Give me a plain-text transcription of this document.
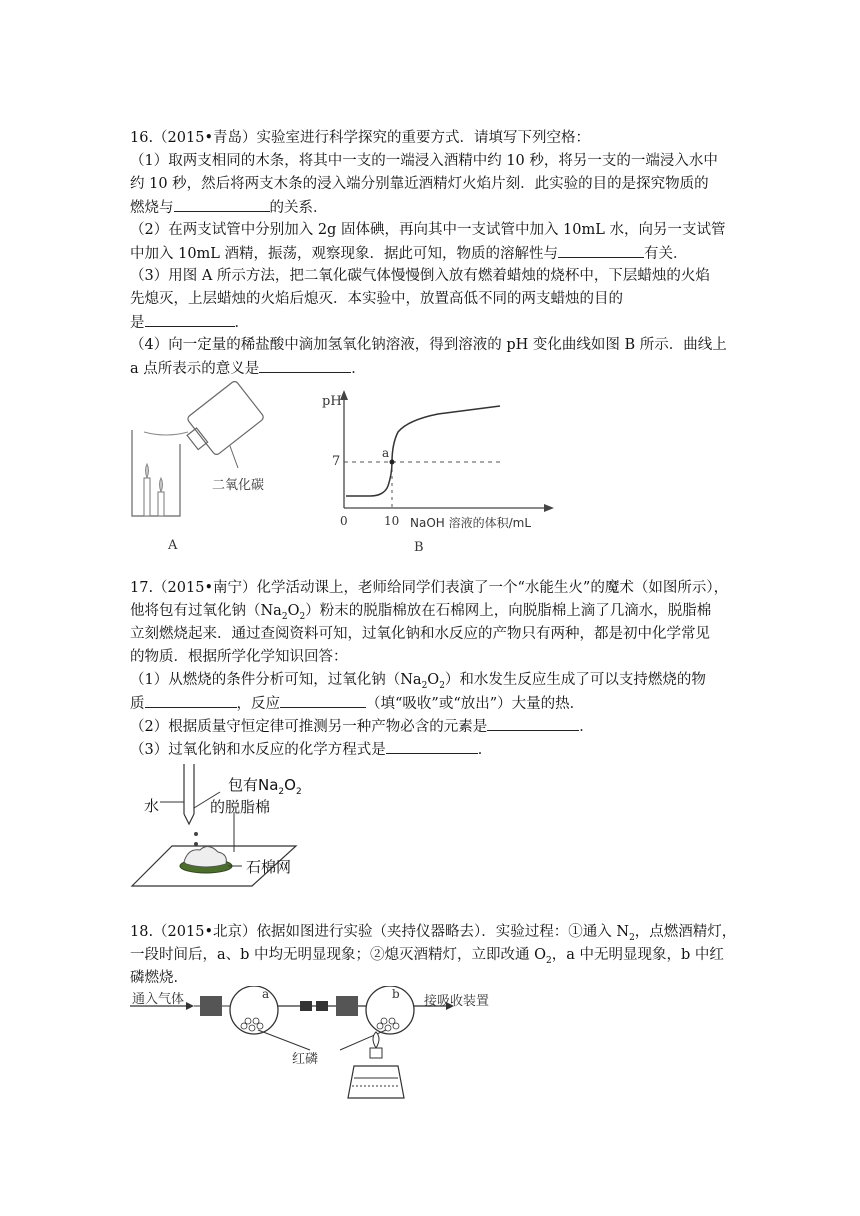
16.（2015•青岛）实验室进行科学探究的重要方式．请填写下列空格：
（1）取两支相同的木条，将其中一支的一端浸入酒精中约 10 秒，将另一支的一端浸入水中
约 10 秒，然后将两支木条的浸入端分别靠近酒精灯火焰片刻．此实验的目的是探究物质的
燃烧与	的关系．
（2）在两支试管中分别加入 2g 固体碘，再向其中一支试管中加入 10mL 水，向另一支试管
中加入 10mL 酒精，振荡，观察现象．据此可知，物质的溶解性与	有关．
（3）用图 A 所示方法，把二氧化碳气体慢慢倒入放有燃着蜡烛的烧杯中，下层蜡烛的火焰
先熄灭，上层蜡烛的火焰后熄灭．本实验中，放置高低不同的两支蜡烛的目的
是	．
（4）向一定量的稀盐酸中滴加氢氧化钠溶液，得到溶液的 pH 变化曲线如图 B 所示．曲线上
a 点所表示的意义是	．
二氧化碳
A
pH
7
a
0	10 NaOH 溶液的体积/mL
B
17.（2015•南宁）化学活动课上，老师给同学们表演了一个“水能生火”的魔术（如图所示），
他将包有过氧化钠$(Na_2O_2)$粉末的脱脂棉放在石棉网上，向脱脂棉上滴了几滴水，脱脂棉
立刻燃烧起来．通过查阅资料可知，过氧化钠和水反应的产物只有两种，都是初中化学常见
的物质．根据所学化学知识回答：
（1）从燃烧的条件分析可知，过氧化钠$(Na_2O_2)$和水发生反应生成了可以支持燃烧的物
质	，反应	（填“吸收”或“放出”）大量的热．
（2）根据质量守恒定律可推测另一种产物必含的元素是	．
（3）过氧化钠和水反应的化学方程式是	．
水
包有$Na_2O_2$
的脱脂棉
石棉网
18.（2015•北京）依据如图进行实验（夹持仪器略去）．实验过程：①通入 $N_2$，点燃酒精灯，
一段时间后，a、b 中均无明显现象；②熄灭酒精灯，立即改通 $O_2$，a 中无明显现象，b 中红
磷燃烧．
通入气体	a	b 接吸收装置
红磷
